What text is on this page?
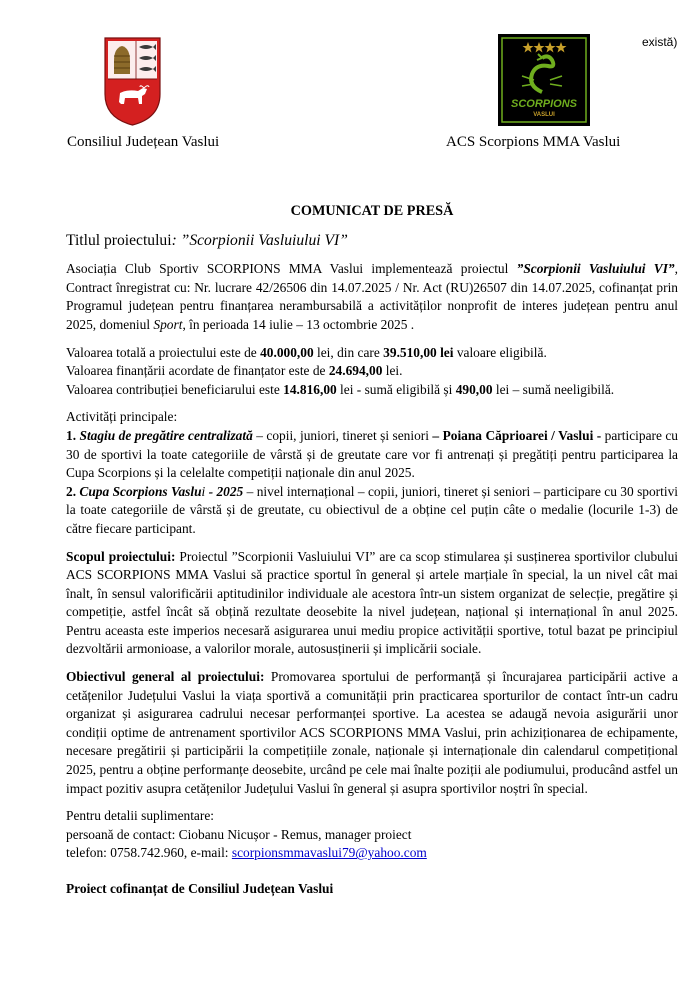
există)
SCORPIONS
VASLUI
Consiliul Județean Vaslui	ACS Scorpions MMA Vaslui
COMUNICAT DE PRESĂ
Titlul proiectului: ”Scorpionii Vasluiului VI”

Asociația Club Sportiv SCORPIONS MMA Vaslui implementează proiectul ”Scorpionii Vasluiului VI”, Contract înregistrat cu: Nr. lucrare 42/26506 din 14.07.2025 / Nr. Act (RU)26507 din 14.07.2025, cofinanțat prin Programul județean pentru finanțarea nerambursabilă a activităților nonprofit de interes județean pentru anul 2025, domeniul Sport, în perioada 14 iulie – 13 octombrie 2025 .

Valoarea totală a proiectului este de 40.000,00 lei, din care 39.510,00 lei valoare eligibilă.
Valoarea finanțării acordate de finanțator este de 24.694,00 lei.
Valoarea contribuției beneficiarului este 14.816,00 lei - sumă eligibilă și 490,00 lei – sumă neeligibilă.
Activități principale:

1. Stagiu de pregătire centralizată – copii, juniori, tineret și seniori – Poiana Căprioarei / Vaslui - participare cu 30 de sportivi la toate categoriile de vârstă și de greutate care vor fi antrenați și pregătiți pentru participarea la Cupa Scorpions și la celelalte competiții naționale din anul 2025.

2. Cupa Scorpions Vaslui - 2025 – nivel internațional – copii, juniori, tineret și seniori – participare cu 30 sportivi la toate categoriile de vârstă și de greutate, cu obiectivul de a obține cel puțin câte o medalie (locurile 1-3) de către fiecare participant.

Scopul proiectului: Proiectul ”Scorpionii Vasluiului VI” are ca scop stimularea și susținerea sportivilor clubului ACS SCORPIONS MMA Vaslui să practice sportul în general și artele marțiale în special, la un nivel cât mai înalt, în sensul valorificării aptitudinilor individuale ale acestora într-un sistem organizat de selecție, pregătire și competiție, astfel încât să obțină rezultate deosebite la nivel județean, național și internațional în anul 2025. Pentru aceasta este imperios necesară asigurarea unui mediu propice activității sportive, totul bazat pe principiul dezvoltării armonioase, a valorilor morale, autosusținerii și implicării sociale.

Obiectivul general al proiectului: Promovarea sportului de performanță și încurajarea participării active a cetățenilor Județului Vaslui la viața sportivă a comunității prin practicarea sporturilor de contact într-un cadru organizat și asigurarea cadrului necesar performanței sportive. La acestea se adaugă nevoia asigurării unor condiții optime de antrenament sportivilor ACS SCORPIONS MMA Vaslui, prin achiziționarea de echipamente, necesare pregătirii și participării la competițiile zonale, naționale și internaționale din calendarul competițional 2025, pentru a obține performanțe deosebite, urcând pe cele mai înalte poziții ale podiumului, producând astfel un impact pozitiv asupra cetățenilor Județului Vaslui în general și asupra sportivilor noștri în special.

Pentru detalii suplimentare:
persoană de contact: Ciobanu Nicușor - Remus, manager proiect
telefon: 0758.742.960, e-mail: scorpionsmmavaslui79@yahoo.com
Proiect cofinanțat de Consiliul Județean Vaslui
